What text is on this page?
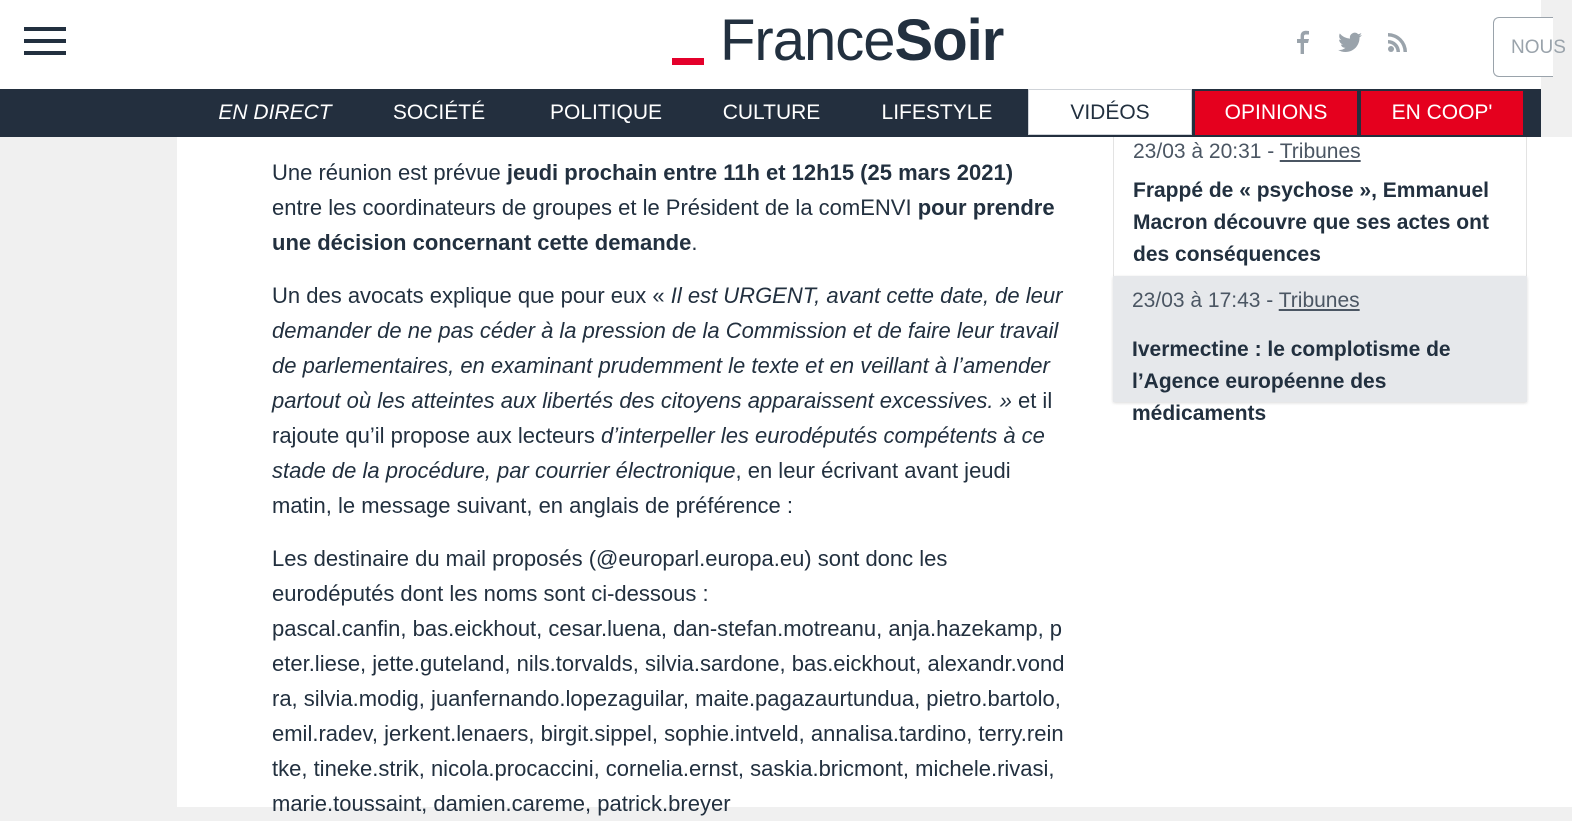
FranceSoir	NOUS
EN DIRECT	SOCIÉTÉ	POLITIQUE	CULTURE	LIFESTYLE	VIDÉOS	OPINIONS	EN COOP'

Une réunion est prévue jeudi prochain entre 11h et 12h15 (25 mars 2021) entre les coordinateurs de groupes et le Président de la comENVI pour prendre une décision concernant cette demande.

Un des avocats explique que pour eux « Il est URGENT, avant cette date, de leur demander de ne pas céder à la pression de la Commission et de faire leur travail de parlementaires, en examinant prudemment le texte et en veillant à l’amender partout où les atteintes aux libertés des citoyens apparaissent excessives. » et il rajoute qu’il propose aux lecteurs d’interpeller les eurodéputés compétents à ce stade de la procédure, par courrier électronique, en leur écrivant avant jeudi matin, le message suivant, en anglais de préférence :

Les destinaire du mail proposés (@europarl.europa.eu) sont donc les eurodéputés dont les noms sont ci-dessous :
pascal.canfin, bas.eickhout, cesar.luena, dan-stefan.motreanu, anja.hazekamp, peter.liese, jette.guteland, nils.torvalds, silvia.sardone, bas.eickhout, alexandr.vondra, silvia.modig, juanfernando.lopezaguilar, maite.pagazaurtundua, pietro.bartolo, emil.radev, jerkent.lenaers, birgit.sippel, sophie.intveld, annalisa.tardino, terry.reintke, tineke.strik, nicola.procaccini, cornelia.ernst, saskia.bricmont, michele.rivasi, marie.toussaint, damien.careme, patrick.breyer

23/03 à 20:31 - Tribunes
Frappé de « psychose », Emmanuel Macron découvre que ses actes ont des conséquences
23/03 à 17:43 - Tribunes
Ivermectine : le complotisme de l’Agence européenne des médicaments
